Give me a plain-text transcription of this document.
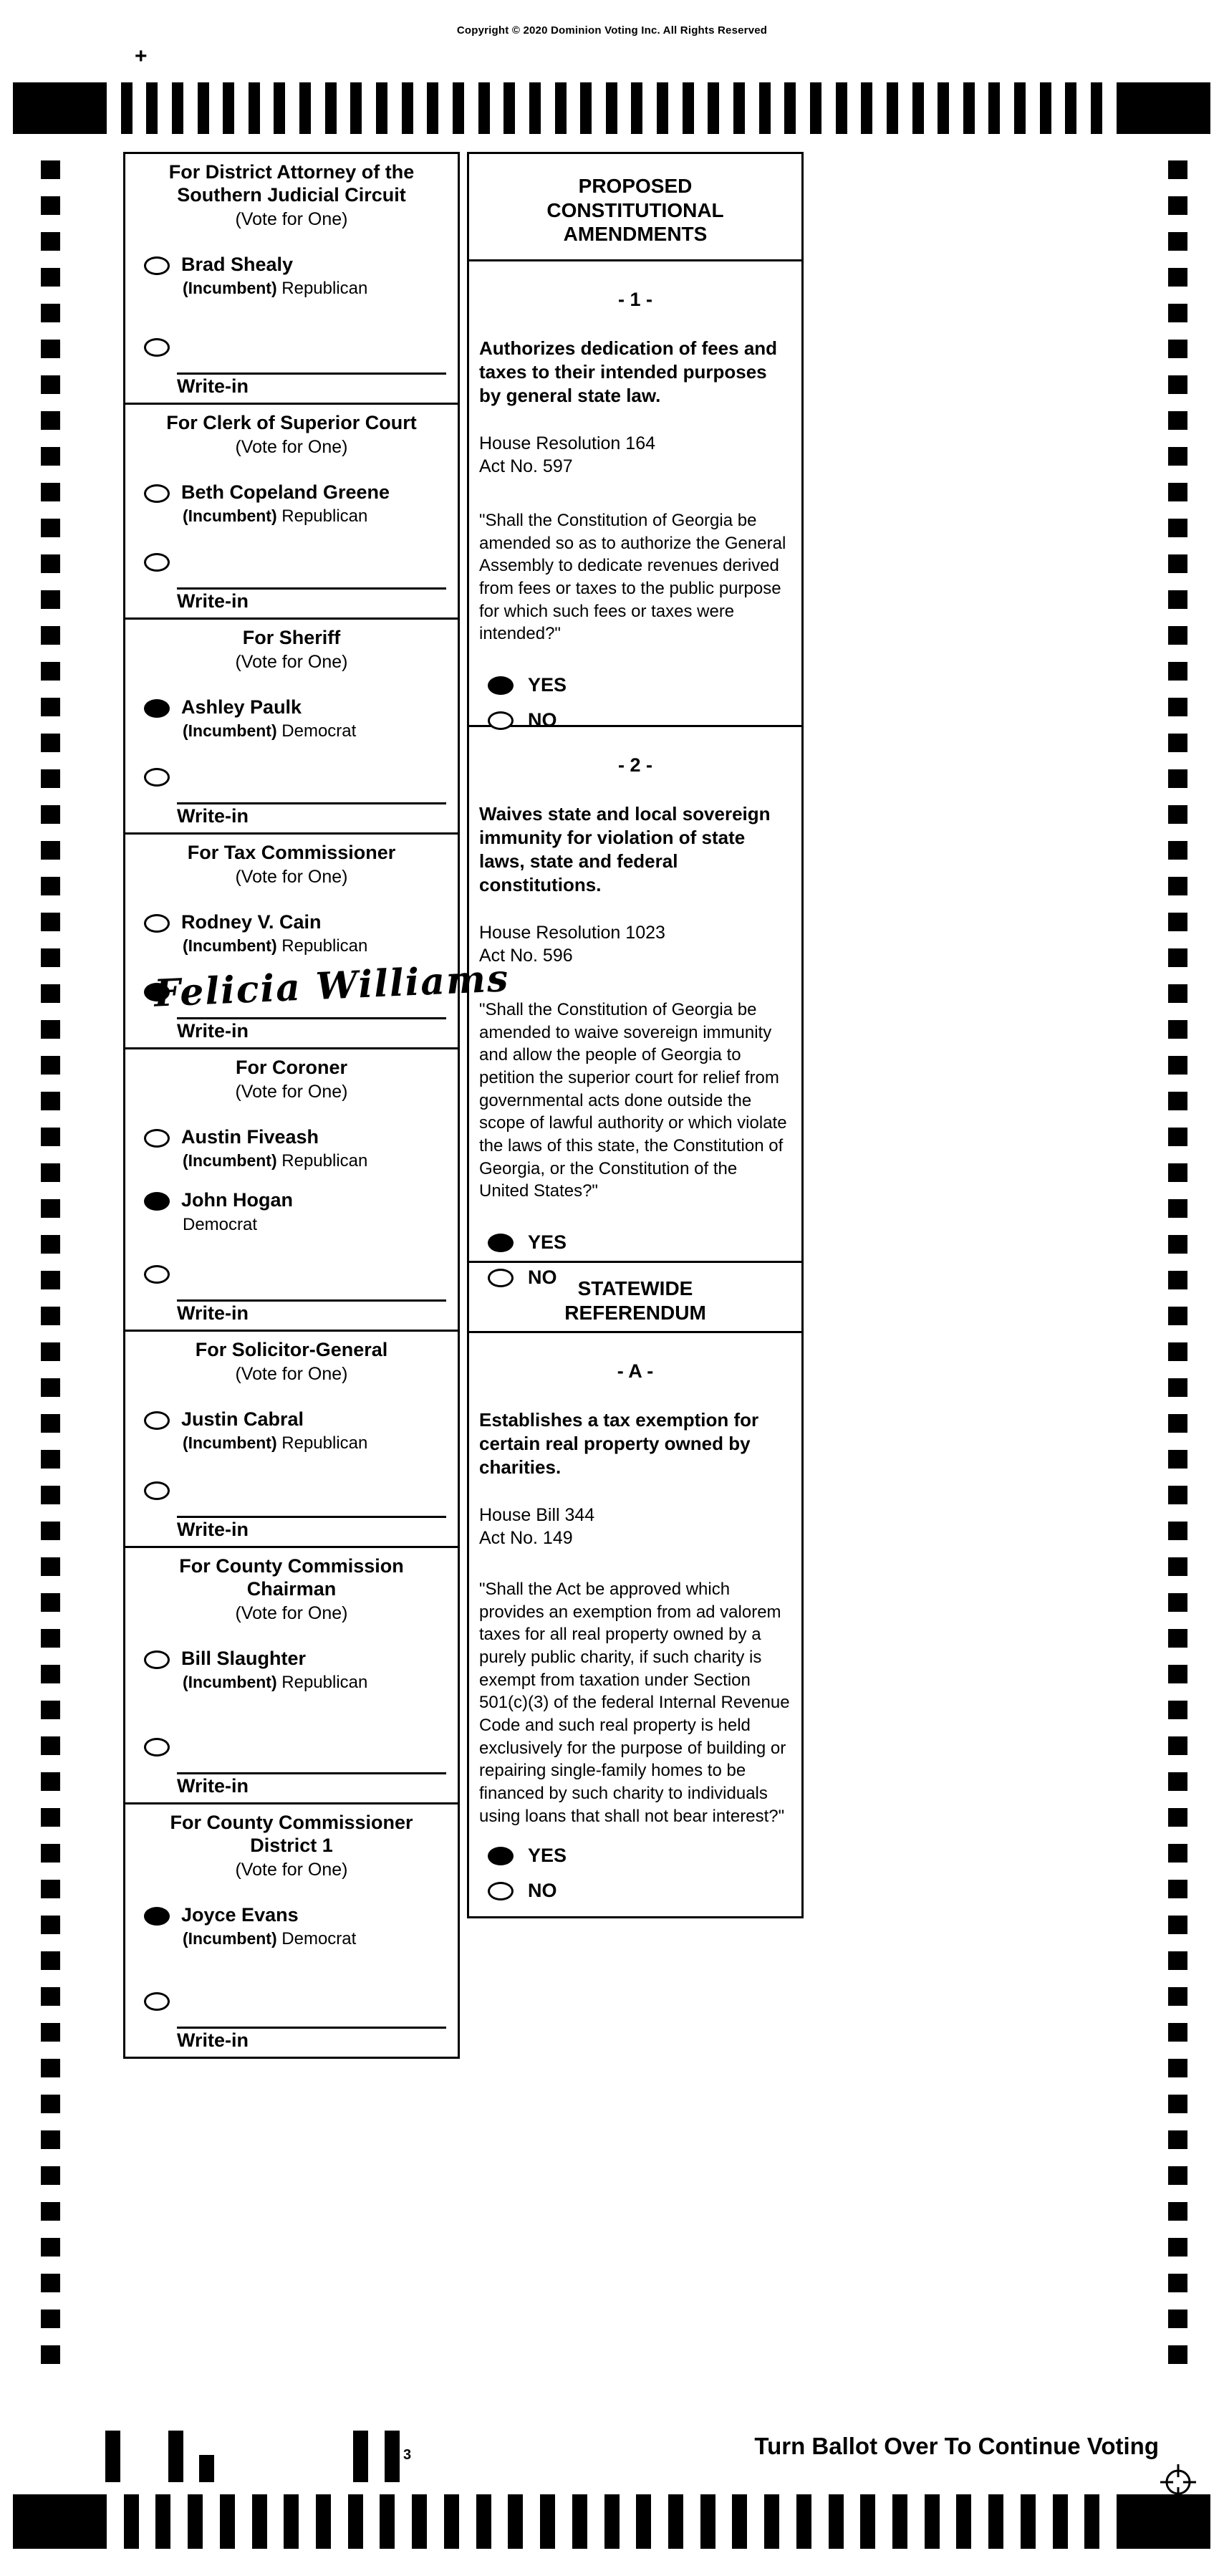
Copyright © 2020 Dominion Voting Inc. All Rights Reserved
+
For District Attorney of the
Southern Judicial Circuit
(Vote for One)
Brad Shealy
(Incumbent) Republican
Write-in
For Clerk of Superior Court
(Vote for One)
Beth Copeland Greene
(Incumbent) Republican
Write-in
For Sheriff
(Vote for One)
Ashley Paulk
(Incumbent) Democrat
Write-in
For Tax Commissioner
(Vote for One)
Rodney V. Cain
(Incumbent) Republican
Felicia Williams
Write-in
For Coroner
(Vote for One)
Austin Fiveash
(Incumbent) Republican
John Hogan
Democrat
Write-in
For Solicitor-General
(Vote for One)
Justin Cabral
(Incumbent) Republican
Write-in
For County Commission
Chairman
(Vote for One)
Bill Slaughter
(Incumbent) Republican
Write-in
For County Commissioner
District 1
(Vote for One)
Joyce Evans
(Incumbent) Democrat
Write-in
PROPOSED
CONSTITUTIONAL
AMENDMENTS
- 1 -
Authorizes dedication of fees and taxes to their intended purposes by general state law.
House Resolution 164
Act No. 597
"Shall the Constitution of Georgia be amended so as to authorize the General Assembly to dedicate revenues derived from fees or taxes to the public purpose for which such fees or taxes were intended?"
YES
NO
- 2 -
Waives state and local sovereign immunity for violation of state laws, state and federal constitutions.
House Resolution 1023
Act No. 596
"Shall the Constitution of Georgia be amended to waive sovereign immunity and allow the people of Georgia to petition the superior court for relief from governmental acts done outside the scope of lawful authority or which violate the laws of this state, the Constitution of Georgia, or the Constitution of the United States?"
YES
NO STATEWIDE
REFERENDUM
- A -
Establishes a tax exemption for certain real property owned by charities.
House Bill 344
Act No. 149
"Shall the Act be approved which provides an exemption from ad valorem taxes for all real property owned by a purely public charity, if such charity is exempt from taxation under Section 501(c)(3) of the federal Internal Revenue Code and such real property is held exclusively for the purpose of building or repairing single-family homes to be financed by such charity to individuals using loans that shall not bear interest?"
YES
NO
3	Turn Ballot Over To Continue Voting
